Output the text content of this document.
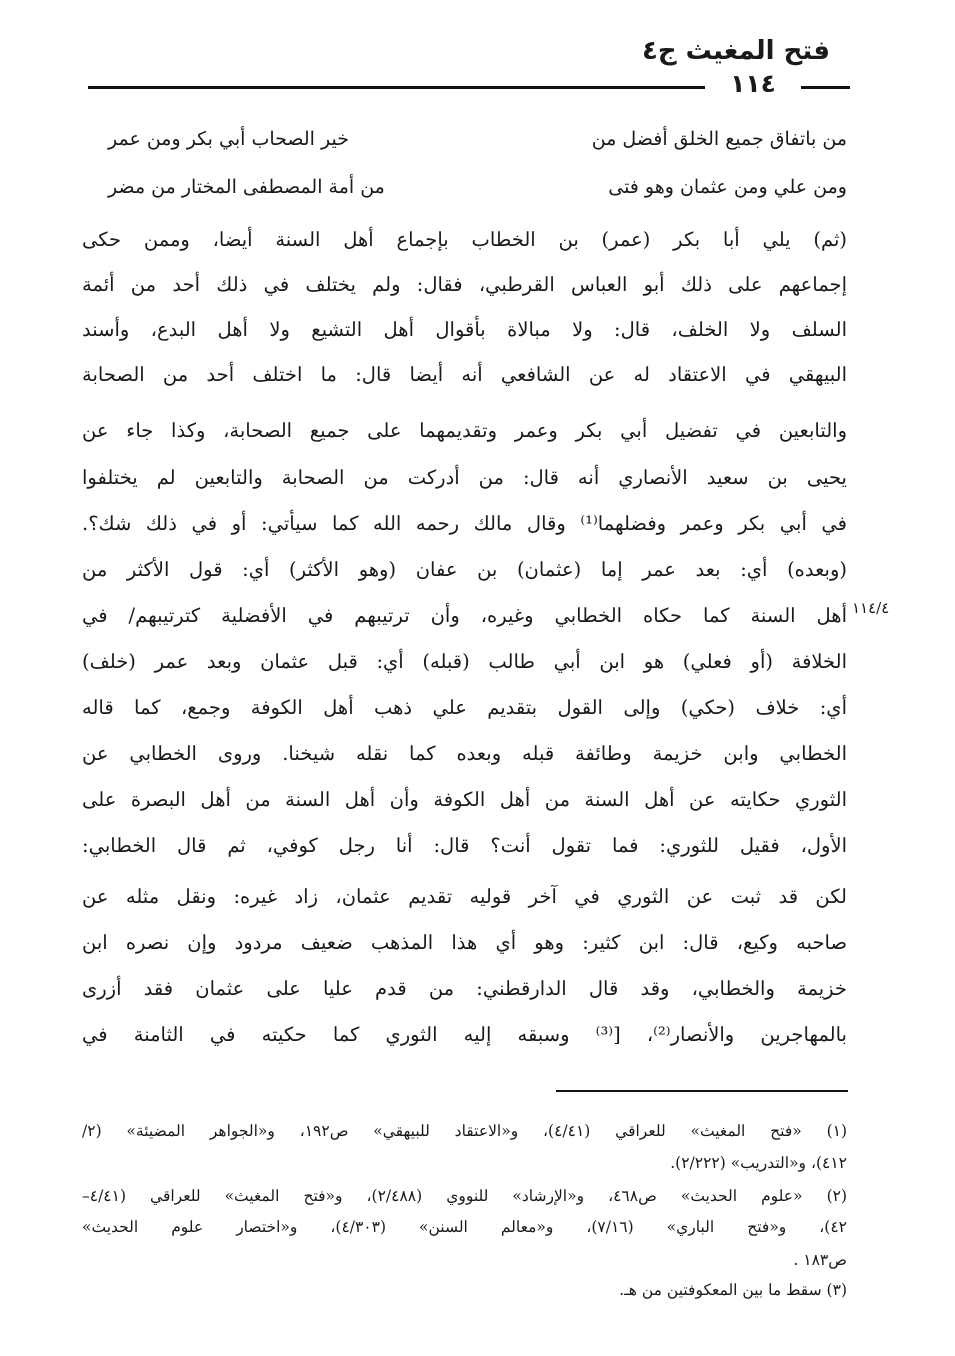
فتح المغيث ج٤
١١٤
من باتفاق جميع الخلق أفضل من
خير الصحاب أبي بكر ومن عمر
ومن علي ومن عثمان وهو فتى
من أمة المصطفى المختار من مضر
١١٤/٤
(ثم) يلي أبا بكر (عمر) بن الخطاب بإجماع أهل السنة أيضا، وممن حكى
إجماعهم على ذلك أبو العباس القرطبي، فقال: ولم يختلف في ذلك أحد من أئمة
السلف ولا الخلف، قال: ولا مبالاة بأقوال أهل التشيع ولا أهل البدع، وأسند
البيهقي في الاعتقاد له عن الشافعي أنه أيضا قال: ما اختلف أحد من الصحابة
والتابعين في تفضيل أبي بكر وعمر وتقديمهما على جميع الصحابة، وكذا جاء عن
يحيى بن سعيد الأنصاري أنه قال: من أدركت من الصحابة والتابعين لم يختلفوا
في أبي بكر وعمر وفضلهما⁽¹⁾ وقال مالك رحمه الله كما سيأتي: أو في ذلك شك؟.
(وبعده) أي: بعد عمر إما (عثمان) بن عفان (وهو الأكثر) أي: قول الأكثر من
أهل السنة كما حكاه الخطابي وغيره، وأن ترتيبهم في الأفضلية كترتيبهم/ في
الخلافة (أو فعلي) هو ابن أبي طالب (قبله) أي: قبل عثمان وبعد عمر (خلف)
أي: خلاف (حكي) وإلى القول بتقديم علي ذهب أهل الكوفة وجمع، كما قاله
الخطابي وابن خزيمة وطائفة قبله وبعده كما نقله شيخنا. وروى الخطابي عن
الثوري حكايته عن أهل السنة من أهل الكوفة وأن أهل السنة من أهل البصرة على
الأول، فقيل للثوري: فما تقول أنت؟ قال: أنا رجل كوفي، ثم قال الخطابي:
لكن قد ثبت عن الثوري في آخر قوليه تقديم عثمان، زاد غيره: ونقل مثله عن
صاحبه وكيع، قال: ابن كثير: وهو أي هذا المذهب ضعيف مردود وإن نصره ابن
خزيمة والخطابي، وقد قال الدارقطني: من قدم عليا على عثمان فقد أزرى
بالمهاجرين والأنصار⁽²⁾، [⁽³⁾ وسبقه إليه الثوري كما حكيته في الثامنة في
(١) «فتح المغيث» للعراقي (٤/٤١)، و«الاعتقاد للبيهقي» ص١٩٢، و«الجواهر المضيئة» (٢/
٤١٢)، و«التدريب» (٢/٢٢٢).
(٢) «علوم الحديث» ص٤٦٨، و«الإرشاد» للنووي (٢/٤٨٨)، و«فتح المغيث» للعراقي (٤/٤١–
٤٢)، و«فتح الباري» (٧/١٦)، و«معالم السنن» (٤/٣٠٣)، و«اختصار علوم الحديث»
ص١٨٣ .
(٣) سقط ما بين المعكوفتين من هـ.
